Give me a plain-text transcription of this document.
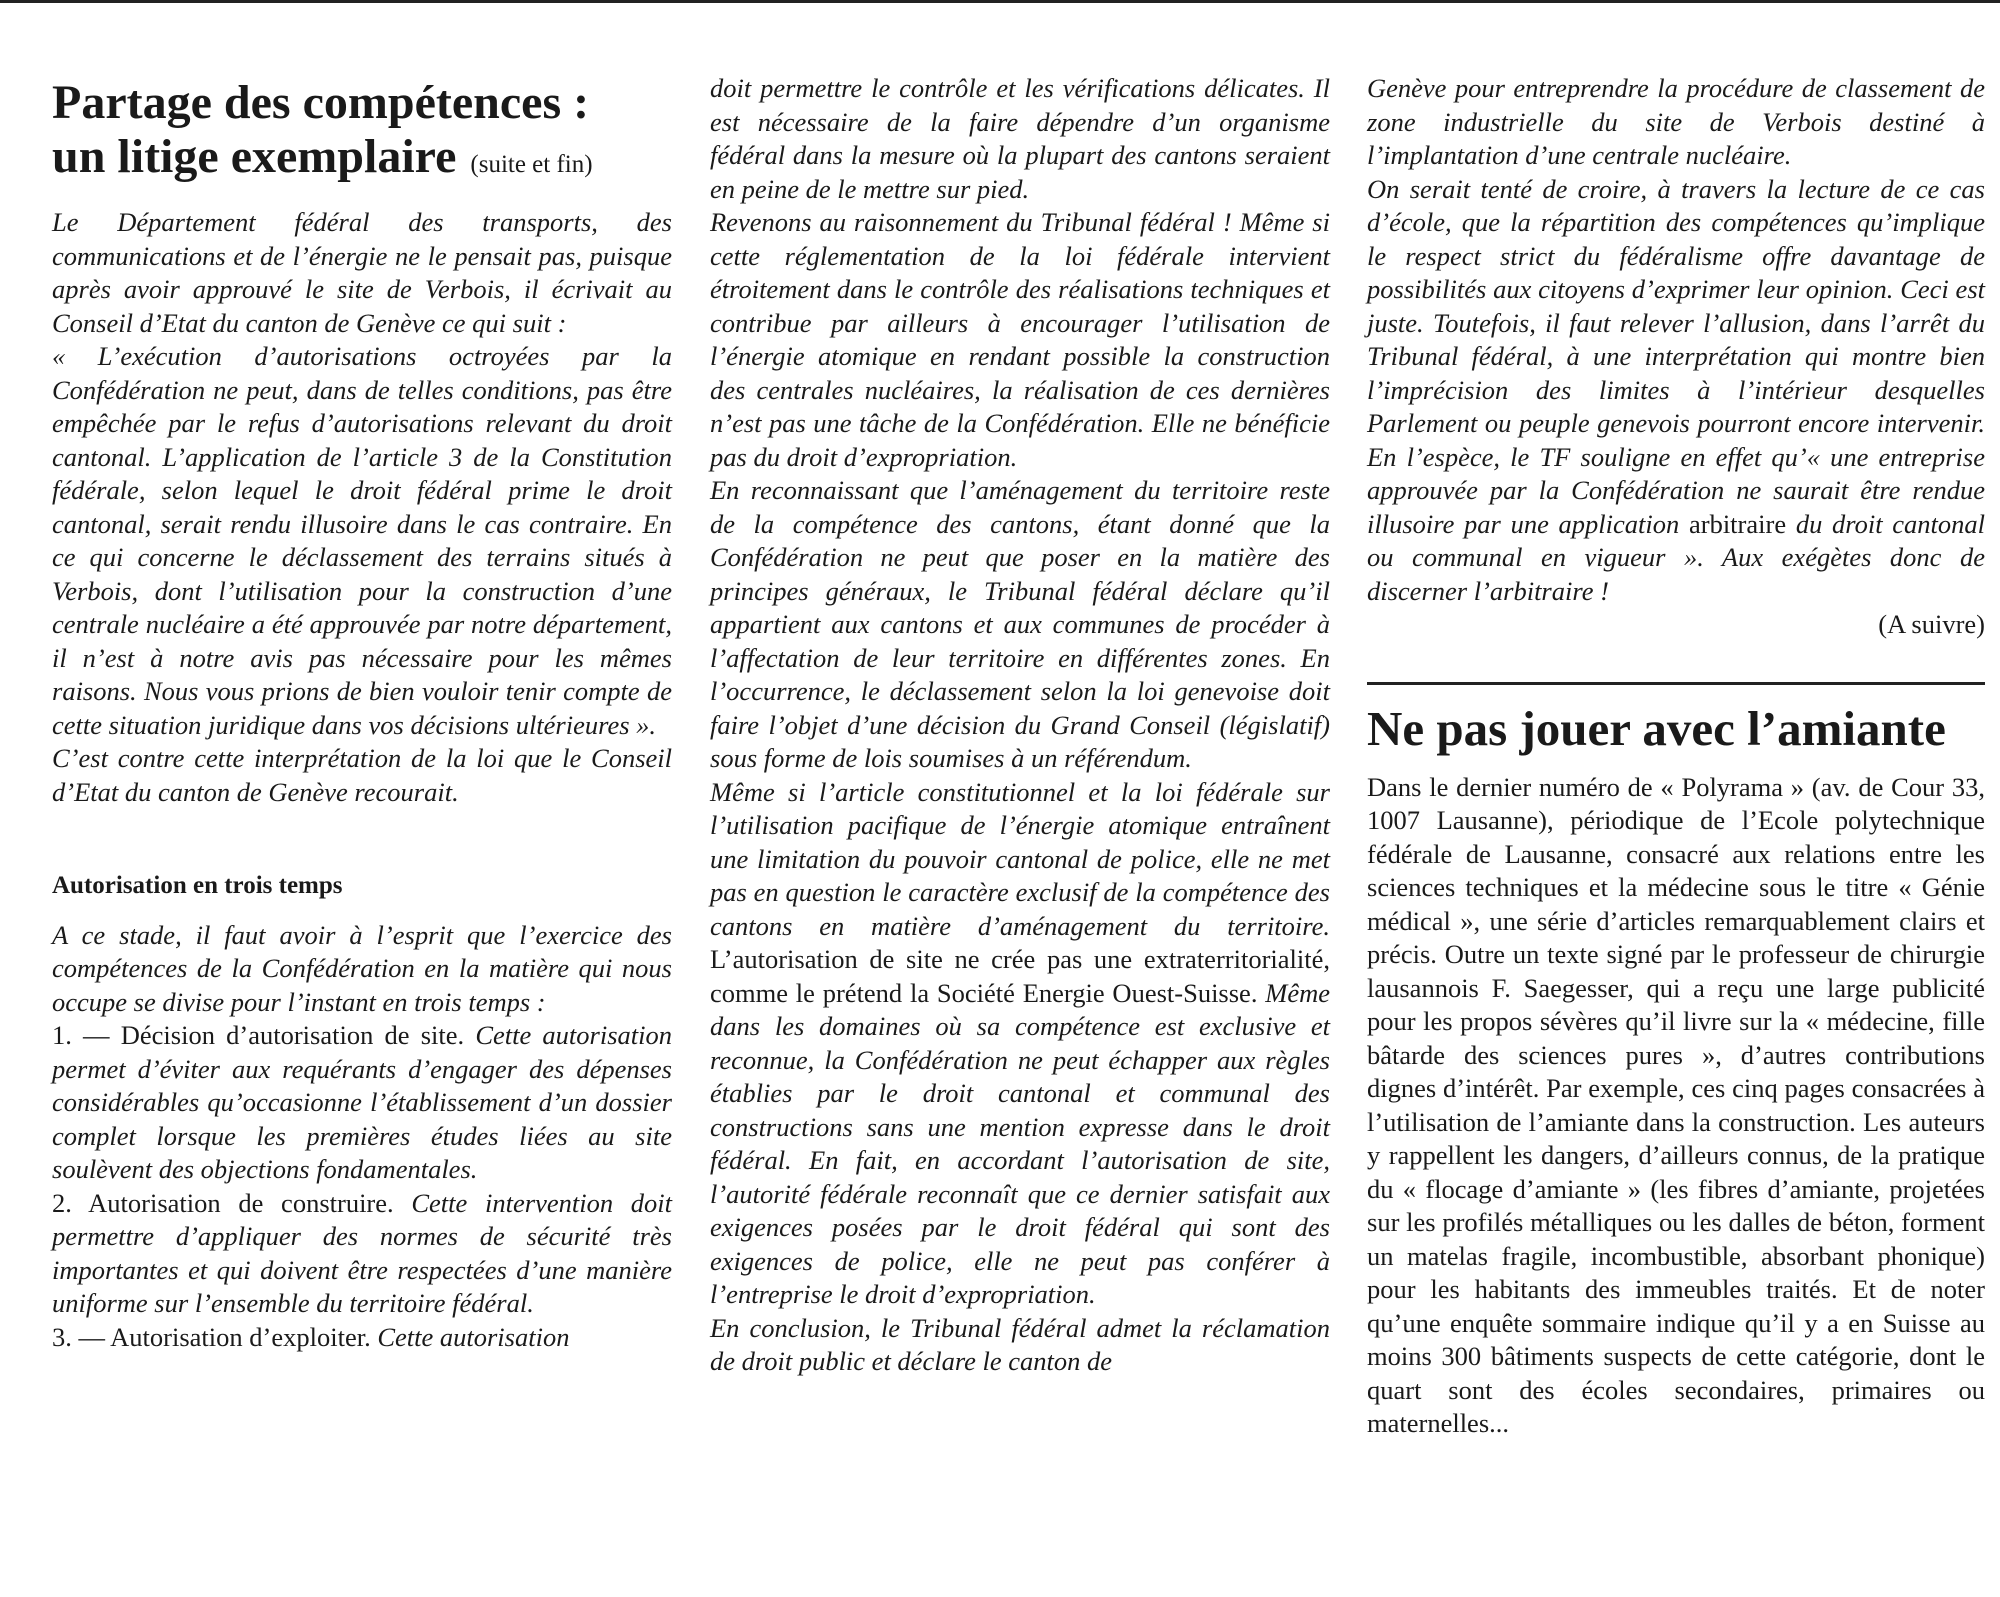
Partage des compétences :
un litige exemplaire (suite et fin)

Le Département fédéral des transports, des communications et de l’énergie ne le pensait pas, puisque après avoir approuvé le site de Verbois, il écrivait au Conseil d’Etat du canton de Genève ce qui suit :

« L’exécution d’autorisations octroyées par la Confédération ne peut, dans de telles conditions, pas être empêchée par le refus d’autorisations relevant du droit cantonal. L’application de l’article 3 de la Constitution fédérale, selon lequel le droit fédéral prime le droit cantonal, serait rendu illusoire dans le cas contraire. En ce qui concerne le déclassement des terrains situés à Verbois, dont l’utilisation pour la construction d’une centrale nucléaire a été approuvée par notre département, il n’est à notre avis pas nécessaire pour les mêmes raisons. Nous vous prions de bien vouloir tenir compte de cette situation juridique dans vos décisions ultérieures ».

C’est contre cette interprétation de la loi que le Conseil d’Etat du canton de Genève recourait.

Autorisation en trois temps

A ce stade, il faut avoir à l’esprit que l’exercice des compétences de la Confédération en la matière qui nous occupe se divise pour l’instant en trois temps :

1. — Décision d’autorisation de site. Cette autorisation permet d’éviter aux requérants d’engager des dépenses considérables qu’occasionne l’établissement d’un dossier complet lorsque les premières études liées au site soulèvent des objections fondamentales.

2. Autorisation de construire. Cette intervention doit permettre d’appliquer des normes de sécurité très importantes et qui doivent être respectées d’une manière uniforme sur l’ensemble du territoire fédéral.

3. — Autorisation d’exploiter. Cette autorisation

doit permettre le contrôle et les vérifications délicates. Il est nécessaire de la faire dépendre d’un organisme fédéral dans la mesure où la plupart des cantons seraient en peine de le mettre sur pied.

Revenons au raisonnement du Tribunal fédéral ! Même si cette réglementation de la loi fédérale intervient étroitement dans le contrôle des réalisations techniques et contribue par ailleurs à encourager l’utilisation de l’énergie atomique en rendant possible la construction des centrales nucléaires, la réalisation de ces dernières n’est pas une tâche de la Confédération. Elle ne bénéficie pas du droit d’expropriation.

En reconnaissant que l’aménagement du territoire reste de la compétence des cantons, étant donné que la Confédération ne peut que poser en la matière des principes généraux, le Tribunal fédéral déclare qu’il appartient aux cantons et aux communes de procéder à l’affectation de leur territoire en différentes zones. En l’occurrence, le déclassement selon la loi genevoise doit faire l’objet d’une décision du Grand Conseil (législatif) sous forme de lois soumises à un référendum.

Même si l’article constitutionnel et la loi fédérale sur l’utilisation pacifique de l’énergie atomique entraînent une limitation du pouvoir cantonal de police, elle ne met pas en question le caractère exclusif de la compétence des cantons en matière d’aménagement du territoire. L’autorisation de site ne crée pas une extraterritorialité, comme le prétend la Société Energie Ouest-Suisse. Même dans les domaines où sa compétence est exclusive et reconnue, la Confédération ne peut échapper aux règles établies par le droit cantonal et communal des constructions sans une mention expresse dans le droit fédéral. En fait, en accordant l’autorisation de site, l’autorité fédérale reconnaît que ce dernier satisfait aux exigences posées par le droit fédéral qui sont des exigences de police, elle ne peut pas conférer à l’entreprise le droit d’expropriation.

En conclusion, le Tribunal fédéral admet la réclamation de droit public et déclare le canton de

Genève pour entreprendre la procédure de classement de zone industrielle du site de Verbois destiné à l’implantation d’une centrale nucléaire.

On serait tenté de croire, à travers la lecture de ce cas d’école, que la répartition des compétences qu’implique le respect strict du fédéralisme offre davantage de possibilités aux citoyens d’exprimer leur opinion. Ceci est juste. Toutefois, il faut relever l’allusion, dans l’arrêt du Tribunal fédéral, à une interprétation qui montre bien l’imprécision des limites à l’intérieur desquelles Parlement ou peuple genevois pourront encore intervenir. En l’espèce, le TF souligne en effet qu’« une entreprise approuvée par la Confédération ne saurait être rendue illusoire par une application arbitraire du droit cantonal ou communal en vigueur ». Aux exégètes donc de discerner l’arbitraire !

(A suivre)

Ne pas jouer avec l’amiante

Dans le dernier numéro de « Polyrama » (av. de Cour 33, 1007 Lausanne), périodique de l’Ecole polytechnique fédérale de Lausanne, consacré aux relations entre les sciences techniques et la médecine sous le titre « Génie médical », une série d’articles remarquablement clairs et précis. Outre un texte signé par le professeur de chirurgie lausannois F. Saegesser, qui a reçu une large publicité pour les propos sévères qu’il livre sur la « médecine, fille bâtarde des sciences pures », d’autres contributions dignes d’intérêt. Par exemple, ces cinq pages consacrées à l’utilisation de l’amiante dans la construction. Les auteurs y rappellent les dangers, d’ailleurs connus, de la pratique du « flocage d’amiante » (les fibres d’amiante, projetées sur les profilés métalliques ou les dalles de béton, forment un matelas fragile, incombustible, absorbant phonique) pour les habitants des immeubles traités. Et de noter qu’une enquête sommaire indique qu’il y a en Suisse au moins 300 bâtiments suspects de cette catégorie, dont le quart sont des écoles secondaires, primaires ou maternelles...
